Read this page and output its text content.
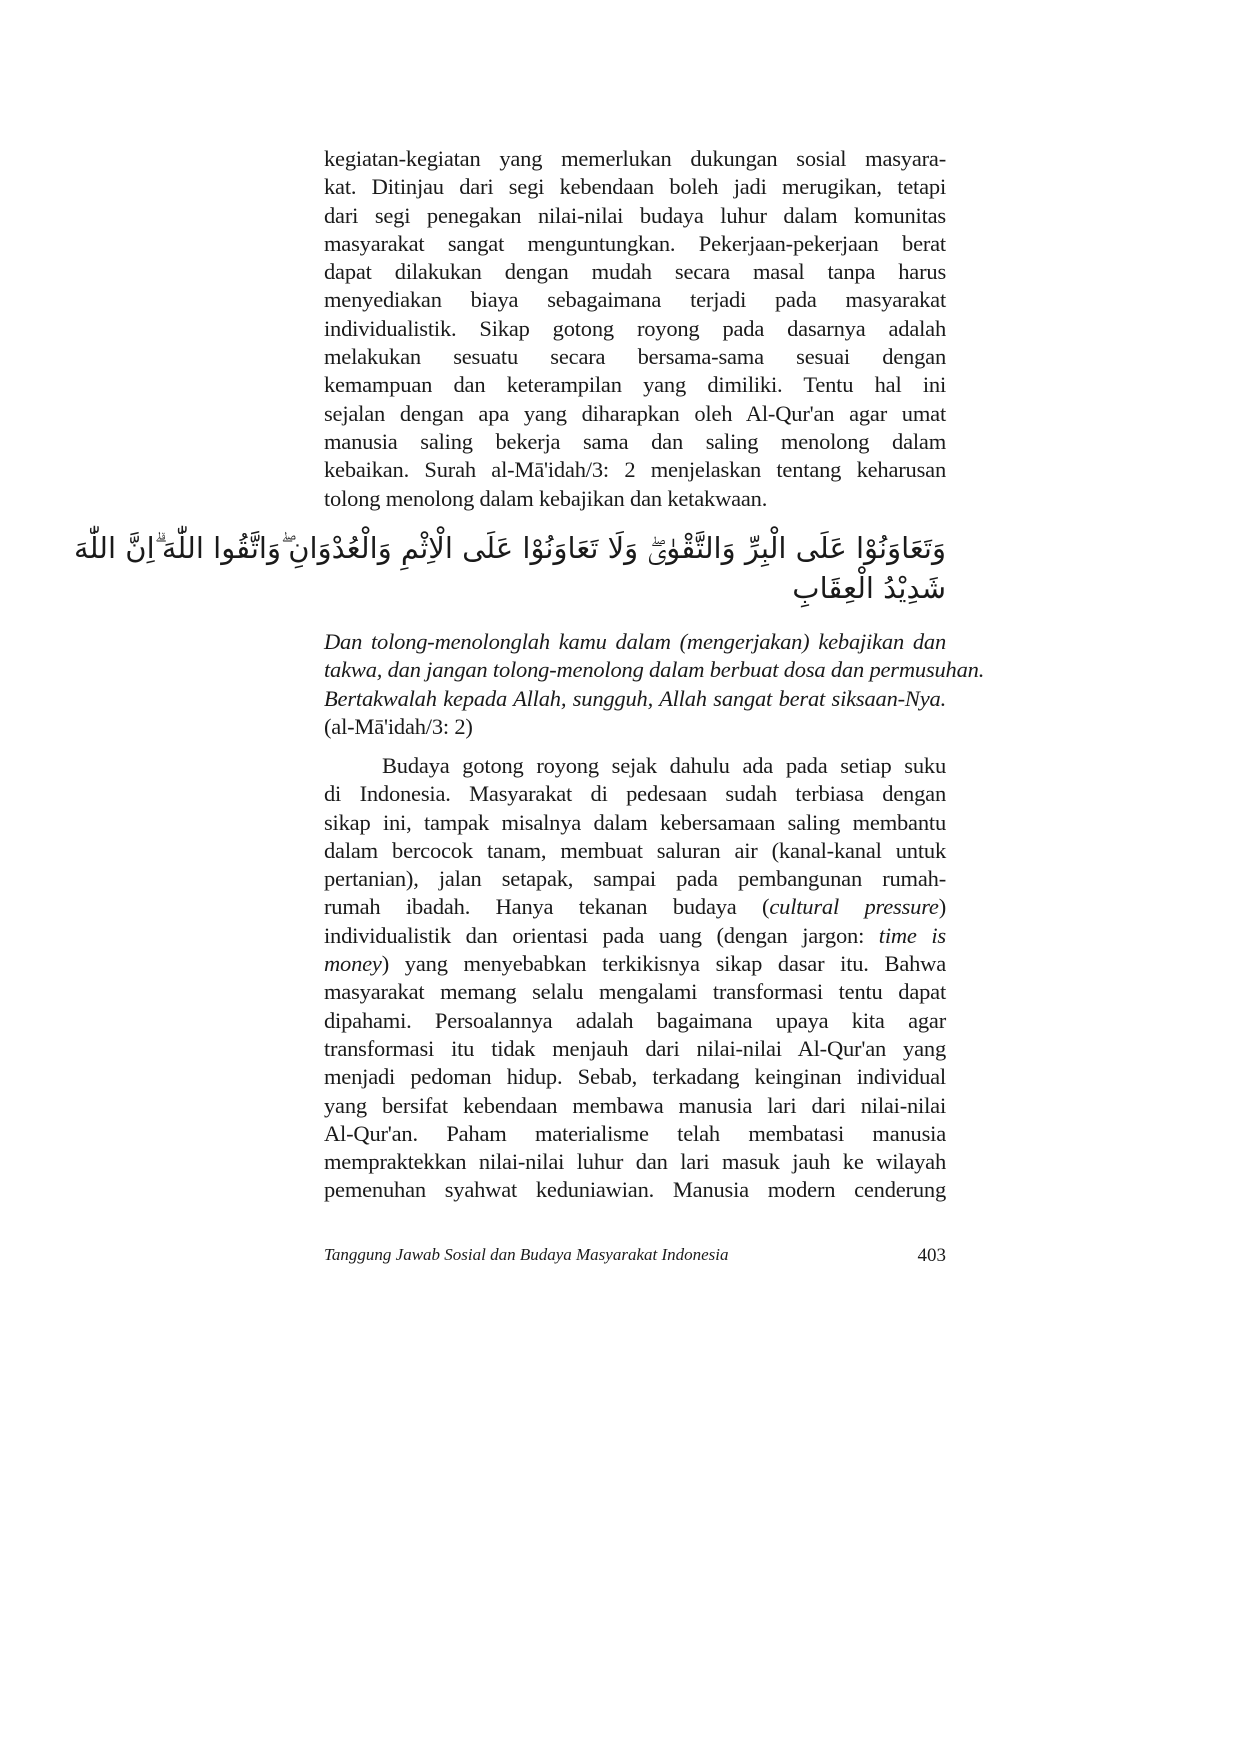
kegiatan-kegiatan yang memerlukan dukungan sosial masyara-
kat. Ditinjau dari segi kebendaan boleh jadi merugikan, tetapi
dari segi penegakan nilai-nilai budaya luhur dalam komunitas
masyarakat sangat menguntungkan. Pekerjaan-pekerjaan berat
dapat dilakukan dengan mudah secara masal tanpa harus
menyediakan biaya sebagaimana terjadi pada masyarakat
individualistik. Sikap gotong royong pada dasarnya adalah
melakukan sesuatu secara bersama-sama sesuai dengan
kemampuan dan keterampilan yang dimiliki. Tentu hal ini
sejalan dengan apa yang diharapkan oleh Al-Qur'an agar umat
manusia saling bekerja sama dan saling menolong dalam
kebaikan. Surah al-Mā'idah/3: 2 menjelaskan tentang keharusan
tolong menolong dalam kebajikan dan ketakwaan.
وَتَعَاوَنُوْا عَلَى الْبِرِّ وَالتَّقْوٰىۖ وَلَا تَعَاوَنُوْا عَلَى الْاِثْمِ وَالْعُدْوَانِ ۖوَاتَّقُوا اللّٰهَ ۗاِنَّ اللّٰهَ
شَدِيْدُ الْعِقَابِ
Dan tolong-menolonglah kamu dalam (mengerjakan) kebajikan dan
takwa, dan jangan tolong-menolong dalam berbuat dosa dan permusuhan.
Bertakwalah kepada Allah, sungguh, Allah sangat berat siksaan-Nya.
(al-Mā'idah/3: 2)
Budaya gotong royong sejak dahulu ada pada setiap suku
di Indonesia. Masyarakat di pedesaan sudah terbiasa dengan
sikap ini, tampak misalnya dalam kebersamaan saling membantu
dalam bercocok tanam, membuat saluran air (kanal-kanal untuk
pertanian), jalan setapak, sampai pada pembangunan rumah-
rumah ibadah. Hanya tekanan budaya (cultural pressure)
individualistik dan orientasi pada uang (dengan jargon: time is
money) yang menyebabkan terkikisnya sikap dasar itu. Bahwa
masyarakat memang selalu mengalami transformasi tentu dapat
dipahami. Persoalannya adalah bagaimana upaya kita agar
transformasi itu tidak menjauh dari nilai-nilai Al-Qur'an yang
menjadi pedoman hidup. Sebab, terkadang keinginan individual
yang bersifat kebendaan membawa manusia lari dari nilai-nilai
Al-Qur'an. Paham materialisme telah membatasi manusia
mempraktekkan nilai-nilai luhur dan lari masuk jauh ke wilayah
pemenuhan syahwat keduniawian. Manusia modern cenderung
Tanggung Jawab Sosial dan Budaya Masyarakat Indonesia	403
